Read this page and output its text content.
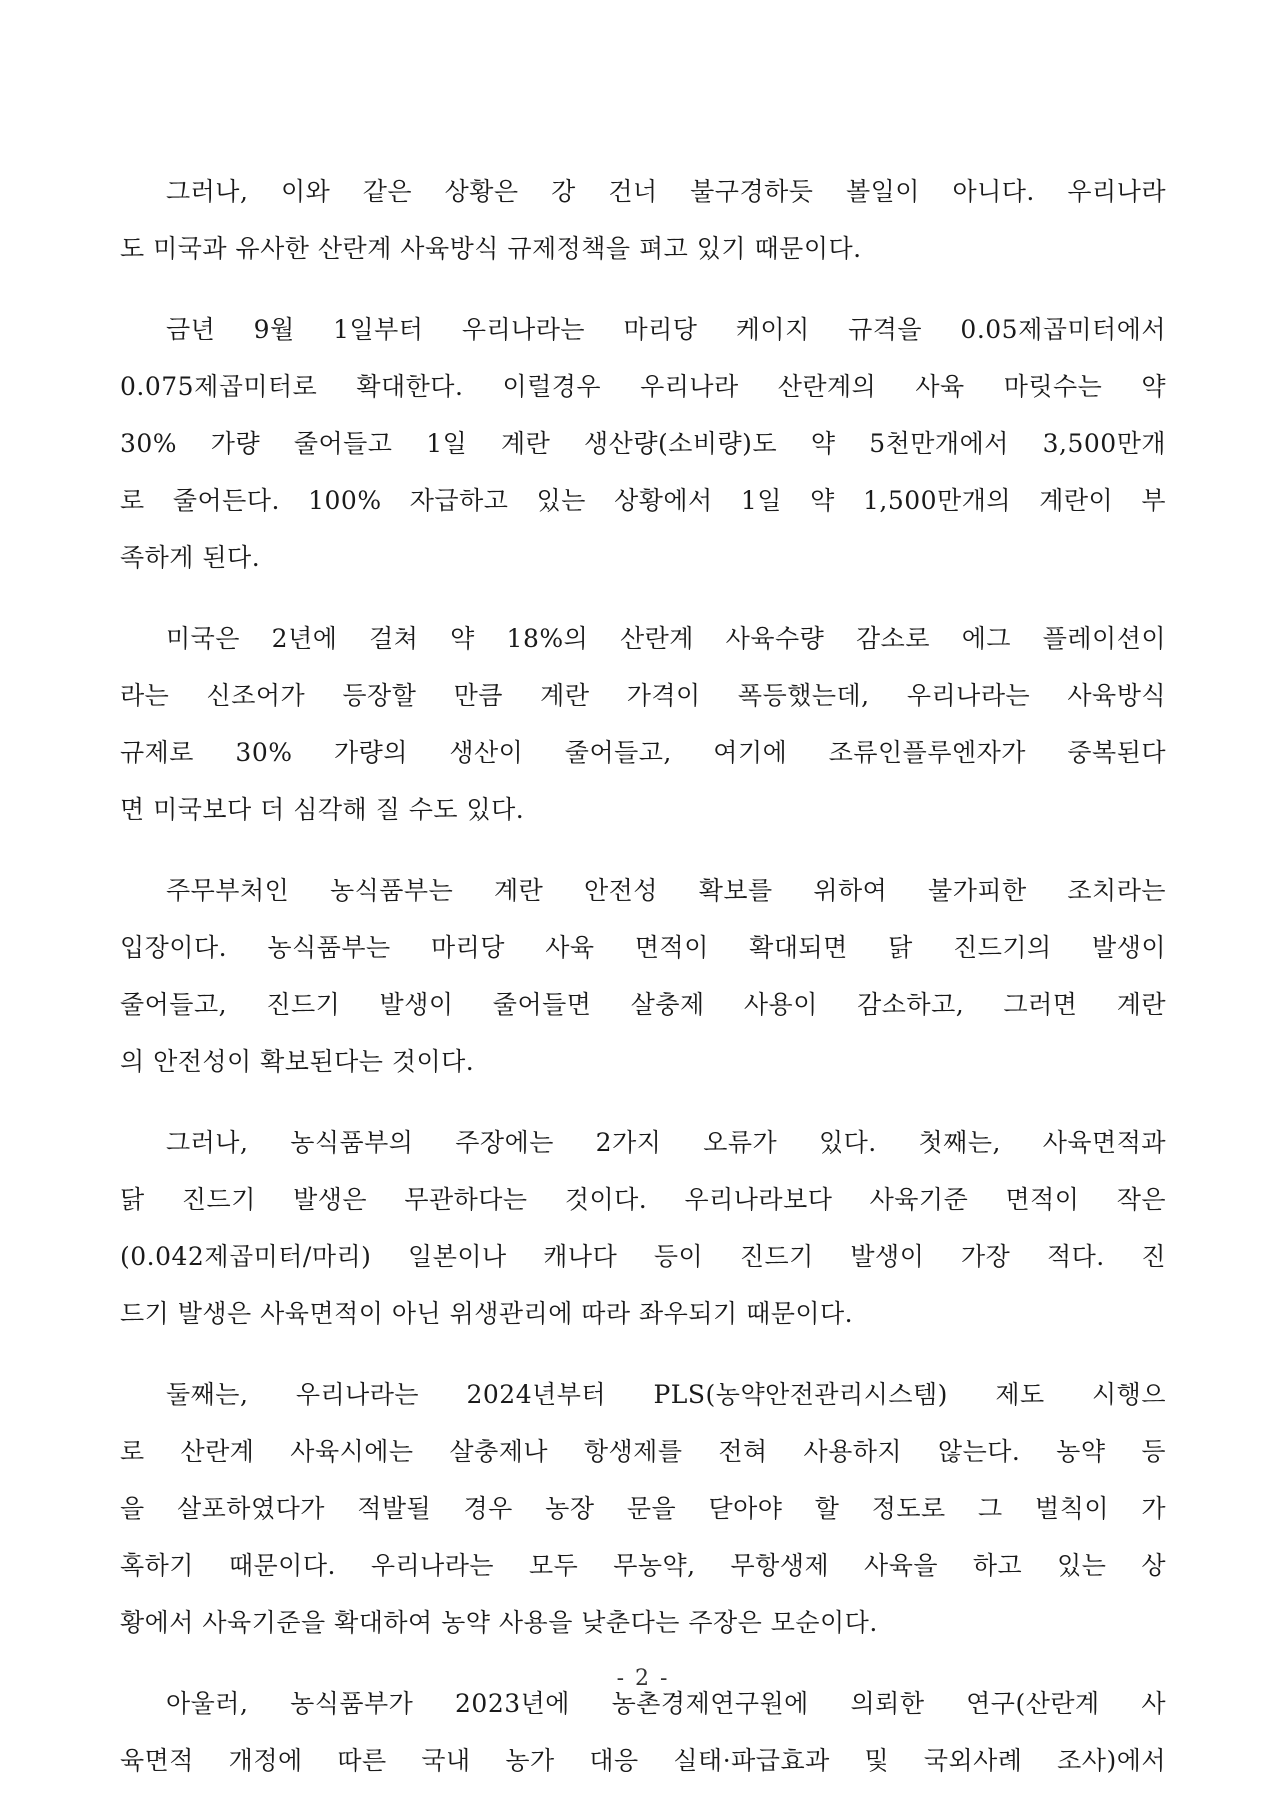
그러나, 이와 같은 상황은 강 건너 불구경하듯 볼일이 아니다. 우리나라
도 미국과 유사한 산란계 사육방식 규제정책을 펴고 있기 때문이다.
금년 9월 1일부터 우리나라는 마리당 케이지 규격을 0.05제곱미터에서
0.075제곱미터로 확대한다. 이럴경우 우리나라 산란계의 사육 마릿수는 약
30% 가량 줄어들고 1일 계란 생산량(소비량)도 약 5천만개에서 3,500만개
로 줄어든다. 100% 자급하고 있는 상황에서 1일 약 1,500만개의 계란이 부
족하게 된다.
미국은 2년에 걸쳐 약 18%의 산란계 사육수량 감소로 에그 플레이션이
라는 신조어가 등장할 만큼 계란 가격이 폭등했는데, 우리나라는 사육방식
규제로 30% 가량의 생산이 줄어들고, 여기에 조류인플루엔자가 중복된다
면 미국보다 더 심각해 질 수도 있다.
주무부처인 농식품부는 계란 안전성 확보를 위하여 불가피한 조치라는
입장이다. 농식품부는 마리당 사육 면적이 확대되면 닭 진드기의 발생이
줄어들고, 진드기 발생이 줄어들면 살충제 사용이 감소하고, 그러면 계란
의 안전성이 확보된다는 것이다.
그러나, 농식품부의 주장에는 2가지 오류가 있다. 첫째는, 사육면적과
닭 진드기 발생은 무관하다는 것이다. 우리나라보다 사육기준 면적이 작은
(0.042제곱미터/마리) 일본이나 캐나다 등이 진드기 발생이 가장 적다. 진
드기 발생은 사육면적이 아닌 위생관리에 따라 좌우되기 때문이다.
둘째는, 우리나라는 2024년부터 PLS(농약안전관리시스템) 제도 시행으
로 산란계 사육시에는 살충제나 항생제를 전혀 사용하지 않는다. 농약 등
을 살포하였다가 적발될 경우 농장 문을 닫아야 할 정도로 그 벌칙이 가
혹하기 때문이다. 우리나라는 모두 무농약, 무항생제 사육을 하고 있는 상
황에서 사육기준을 확대하여 농약 사용을 낮춘다는 주장은 모순이다.
아울러, 농식품부가 2023년에 농촌경제연구원에 의뢰한 연구(산란계 사
육면적 개정에 따른 국내 농가 대응 실태·파급효과 및 국외사례 조사)에서
- 2 -
